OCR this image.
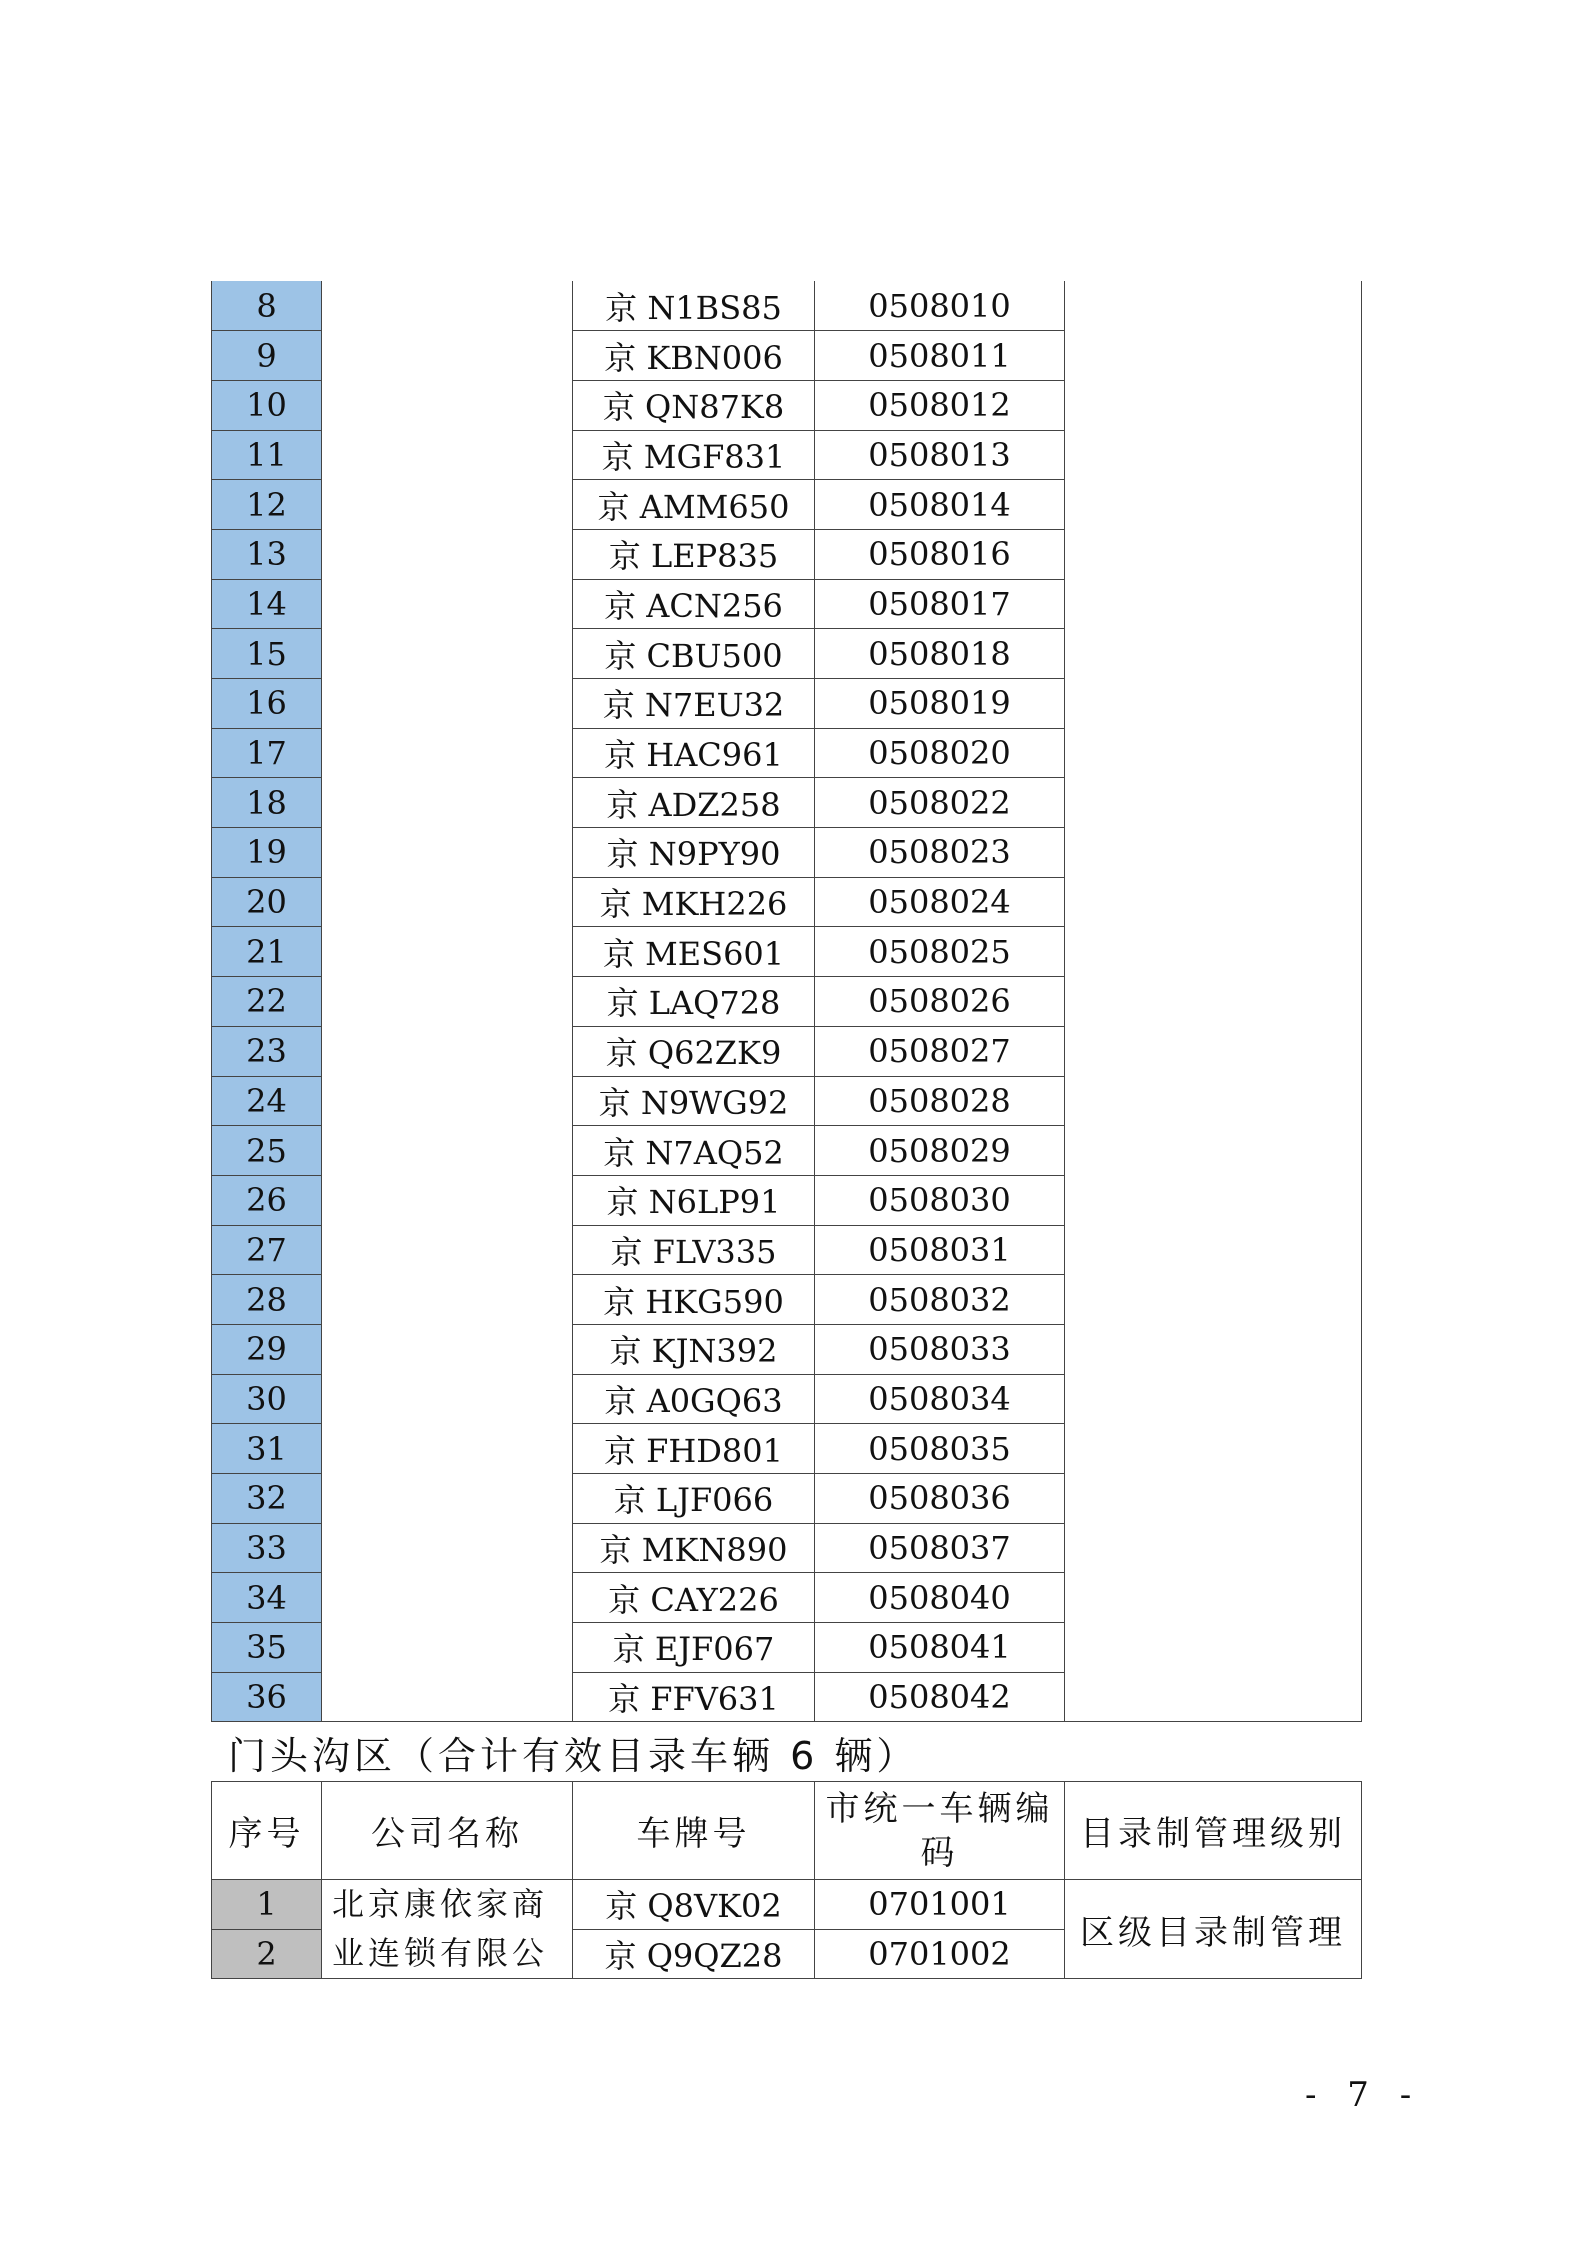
8		京 N1BS85	0508010	
9		京 KBN006	0508011	
10		京 QN87K8	0508012	
11		京 MGF831	0508013	
12		京 AMM650	0508014	
13		京 LEP835	0508016	
14		京 ACN256	0508017	
15		京 CBU500	0508018	
16		京 N7EU32	0508019	
17		京 HAC961	0508020	
18		京 ADZ258	0508022	
19		京 N9PY90	0508023	
20		京 MKH226	0508024	
21		京 MES601	0508025	
22		京 LAQ728	0508026	
23		京 Q62ZK9	0508027	
24		京 N9WG92	0508028	
25		京 N7AQ52	0508029	
26		京 N6LP91	0508030	
27		京 FLV335	0508031	
28		京 HKG590	0508032	
29		京 KJN392	0508033	
30		京 A0GQ63	0508034	
31		京 FHD801	0508035	
32		京 LJF066	0508036	
33		京 MKN890	0508037	
34		京 CAY226	0508040	
35		京 EJF067	0508041	
36		京 FFV631	0508042	
门头沟区（合计有效目录车辆 6 辆）
序号	公司名称	车牌号	市统一车辆编码	目录制管理级别
1	北京康依家商业连锁有限公	京 Q8VK02	0701001	区级目录制管理
2		京 Q9QZ28	0701002	
- 7 -
